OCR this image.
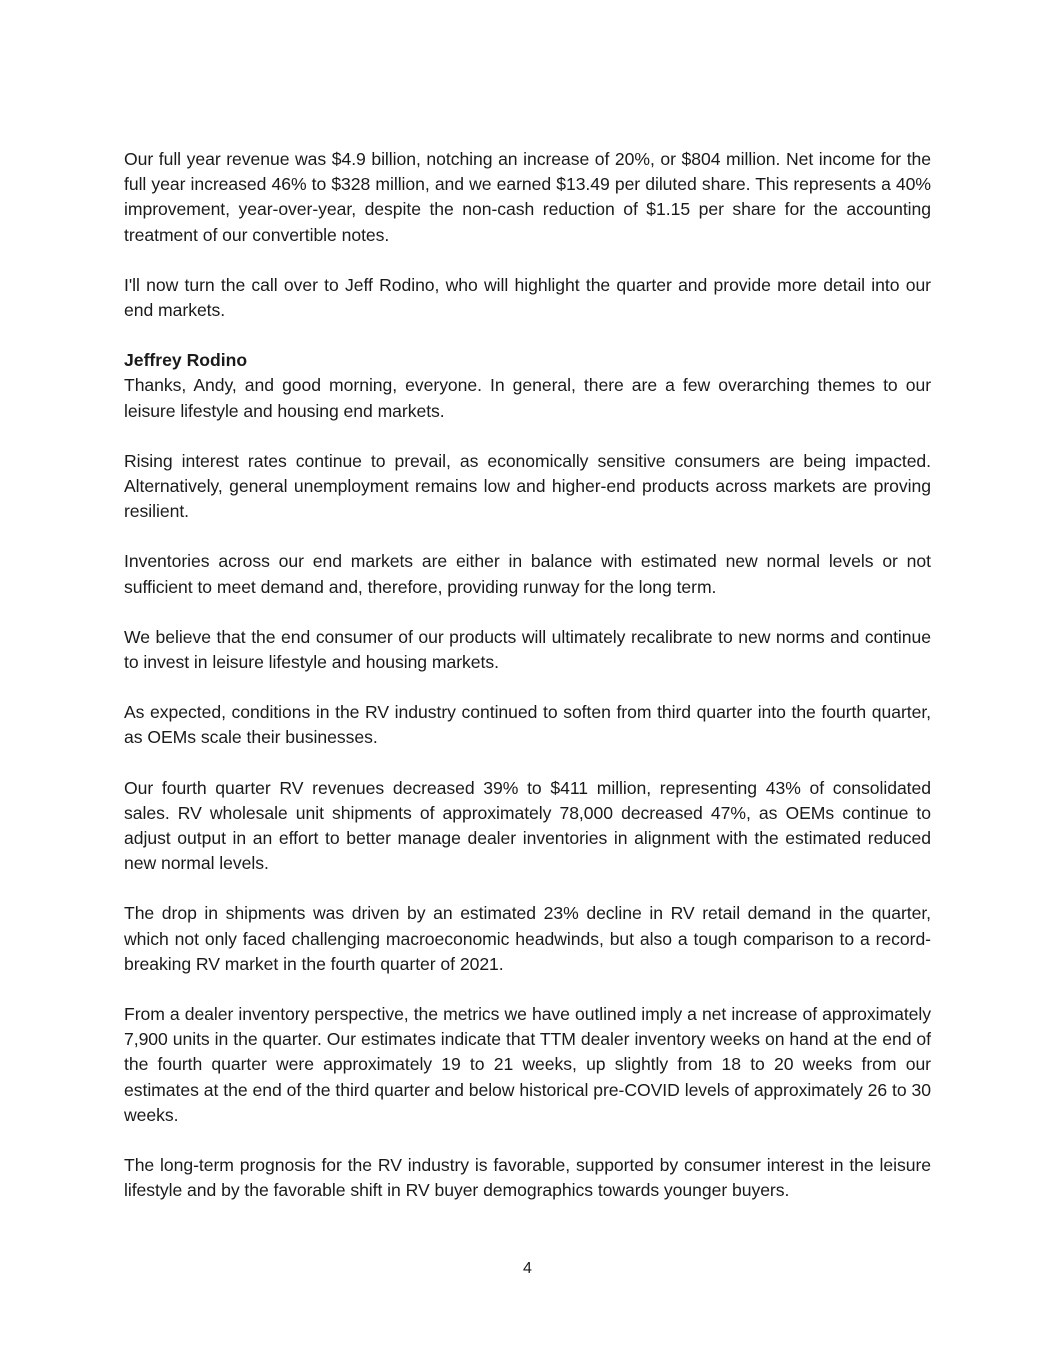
Our full year revenue was $4.9 billion, notching an increase of 20%, or $804 million. Net income for the full year increased 46% to $328 million, and we earned $13.49 per diluted share. This represents a 40% improvement, year-over-year, despite the non-cash reduction of $1.15 per share for the accounting treatment of our convertible notes.

I'll now turn the call over to Jeff Rodino, who will highlight the quarter and provide more detail into our end markets.

Jeffrey Rodino

Thanks, Andy, and good morning, everyone. In general, there are a few overarching themes to our leisure lifestyle and housing end markets.

Rising interest rates continue to prevail, as economically sensitive consumers are being impacted. Alternatively, general unemployment remains low and higher-end products across markets are proving resilient.

Inventories across our end markets are either in balance with estimated new normal levels or not sufficient to meet demand and, therefore, providing runway for the long term.

We believe that the end consumer of our products will ultimately recalibrate to new norms and continue to invest in leisure lifestyle and housing markets.

As expected, conditions in the RV industry continued to soften from third quarter into the fourth quarter, as OEMs scale their businesses.

Our fourth quarter RV revenues decreased 39% to $411 million, representing 43% of consolidated sales. RV wholesale unit shipments of approximately 78,000 decreased 47%, as OEMs continue to adjust output in an effort to better manage dealer inventories in alignment with the estimated reduced new normal levels.

The drop in shipments was driven by an estimated 23% decline in RV retail demand in the quarter, which not only faced challenging macroeconomic headwinds, but also a tough comparison to a record-breaking RV market in the fourth quarter of 2021.

From a dealer inventory perspective, the metrics we have outlined imply a net increase of approximately 7,900 units in the quarter. Our estimates indicate that TTM dealer inventory weeks on hand at the end of the fourth quarter were approximately 19 to 21 weeks, up slightly from 18 to 20 weeks from our estimates at the end of the third quarter and below historical pre-COVID levels of approximately 26 to 30 weeks.

The long-term prognosis for the RV industry is favorable, supported by consumer interest in the leisure lifestyle and by the favorable shift in RV buyer demographics towards younger buyers.

4
